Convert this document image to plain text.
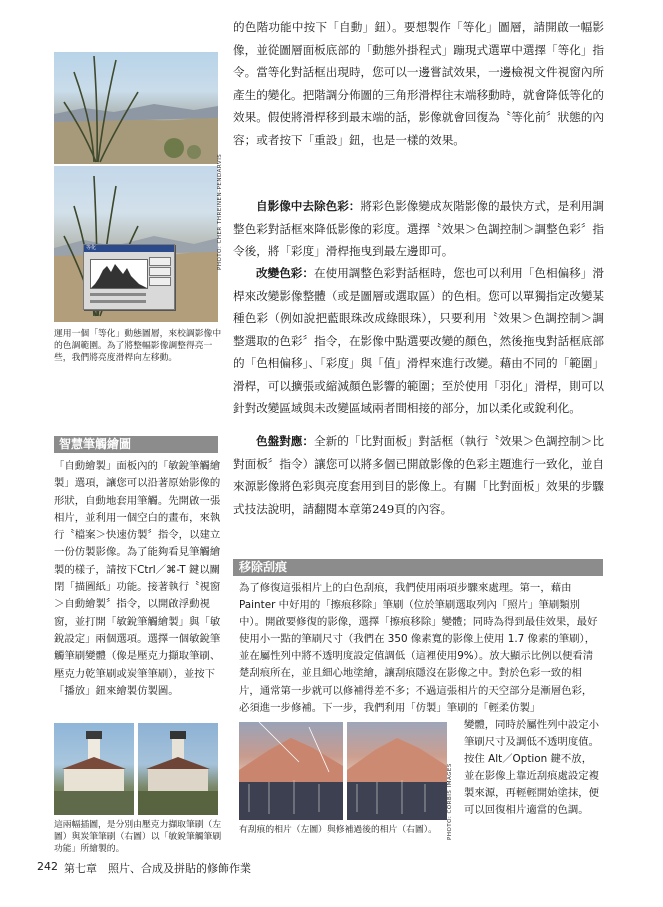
PHOTO: CHER THREINEN-PENDARVIS
等化
運用一個「等化」動態圖層，來校調影像中的色調範圍。為了將整幅影像調整得亮一些，我們將亮度滑桿向左移動。
智慧筆觸繪圖
「自動繪製」面板內的「敏銳筆觸繪製」選項，讓您可以沿著原始影像的形狀，自動地套用筆觸。先開啟一張相片，並利用一個空白的畫布，來執行〝檔案＞快速仿製〞指令，以建立一份仿製影像。為了能夠看見筆觸繪製的樣子，請按下Ctrl／⌘-T 鍵以關閉「描圖紙」功能。接著執行〝視窗＞自動繪製〞指令，以開啟浮動視窗，並打開「敏銳筆觸繪製」與「敏銳設定」兩個選項。選擇一個敏銳筆觸筆刷變體（像是壓克力擷取筆刷、壓克力乾筆刷或炭筆筆刷），並按下「播放」鈕來繪製仿製圖。
這兩幅插圖，是分別由壓克力擷取筆刷（左圖）與炭筆筆刷（右圖）以「敏銳筆觸筆刷功能」所繪製的。
的色階功能中按下「自動」鈕）。要想製作「等化」圖層，請開啟一幅影像，並從圖層面板底部的「動態外掛程式」蹦現式選單中選擇「等化」指令。當等化對話框出現時，您可以一邊嘗試效果，一邊檢視文件視窗內所產生的變化。把階調分佈圖的三角形滑桿往末端移動時，就會降低等化的效果。假使將滑桿移到最末端的話，影像就會回復為〝等化前〞狀態的內容；或者按下「重設」鈕，也是一樣的效果。
自影像中去除色彩：將彩色影像變成灰階影像的最快方式，是利用調整色彩對話框來降低影像的彩度。選擇〝效果＞色調控制＞調整色彩〞指令後，將「彩度」滑桿拖曳到最左邊即可。
改變色彩：在使用調整色彩對話框時，您也可以利用「色相偏移」滑桿來改變影像整體（或是圖層或選取區）的色相。您可以單獨指定改變某種色彩（例如說把藍眼珠改成綠眼珠），只要利用〝效果＞色調控制＞調整選取的色彩〞指令，在影像中點選要改變的顏色，然後拖曳對話框底部的「色相偏移」、「彩度」與「值」滑桿來進行改變。藉由不同的「範圍」滑桿，可以擴張或縮減顏色影響的範圍；至於使用「羽化」滑桿，則可以針對改變區域與未改變區域兩者間相接的部分，加以柔化或銳利化。
色盤對應：全新的「比對面板」對話框（執行〝效果＞色調控制＞比對面板〞指令）讓您可以將多個已開啟影像的色彩主題進行一致化，並自來源影像將色彩與亮度套用到目的影像上。有關「比對面板」效果的步驟式技法說明，請翻閱本章第249頁的內容。
移除刮痕
為了修復這張相片上的白色刮痕，我們使用兩項步驟來處理。第一，藉由 Painter 中好用的「擦痕移除」筆刷（位於筆刷選取列內「照片」筆刷類別中）。開啟要修復的影像，選擇「擦痕移除」變體；同時為得到最佳效果，最好使用小一點的筆刷尺寸（我們在 350 像素寬的影像上使用 1.7 像素的筆刷），並在屬性列中將不透明度設定值調低（這裡使用9%）。放大顯示比例以便看清楚刮痕所在，並且細心地塗繪，讓刮痕隱沒在影像之中。對於色彩一致的相片，通常第一步就可以修補得差不多；不過這張相片的天空部分是漸層色彩，必須進一步修補。下一步，我們利用「仿製」筆刷的「輕柔仿製」
PHOTO: CORBIS IMAGES
變體，同時於屬性列中設定小筆刷尺寸及調低不透明度值。按住 Alt／Option 鍵不放，並在影像上靠近刮痕處設定複製來源，再輕輕開始塗抹，便可以回復相片適當的色調。
有刮痕的相片（左圖）與修補過後的相片（右圖）。
242 第七章　照片、合成及拼貼的修飾作業
